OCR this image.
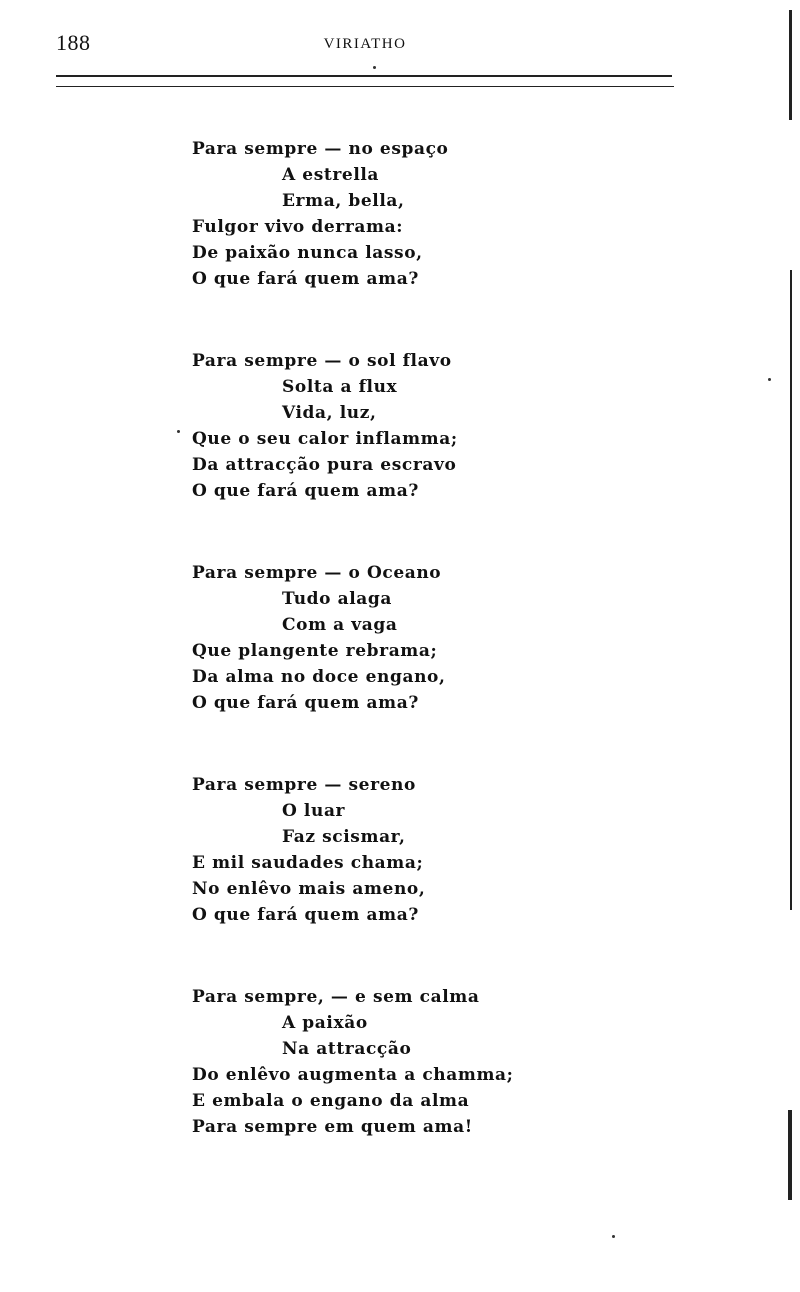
188	VIRIATHO
Para sempre — no espaço
A estrella
Erma, bella,
Fulgor vivo derrama:
De paixão nunca lasso,
O que fará quem ama?
Para sempre — o sol flavo
Solta a flux
Vida, luz,
Que o seu calor inflamma;
Da attracção pura escravo
O que fará quem ama?
Para sempre — o Oceano
Tudo alaga
Com a vaga
Que plangente rebrama;
Da alma no doce engano,
O que fará quem ama?
Para sempre — sereno
O luar
Faz scismar,
E mil saudades chama;
No enlêvo mais ameno,
O que fará quem ama?
Para sempre, — e sem calma
A paixão
Na attracção
Do enlêvo augmenta a chamma;
E embala o engano da alma
Para sempre em quem ama!
